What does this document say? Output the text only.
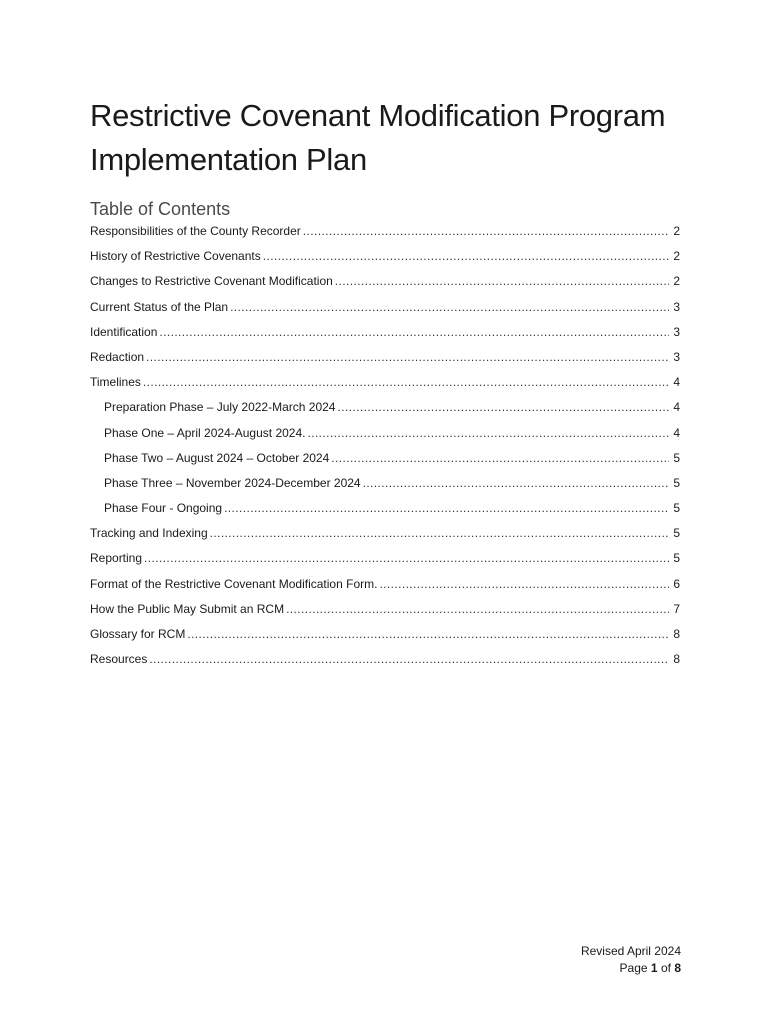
Restrictive Covenant Modification Program Implementation Plan
Table of Contents
Responsibilities of the County Recorder .....	2
History of Restrictive Covenants .....	2
Changes to Restrictive Covenant Modification .....	2
Current Status of the Plan .....	3
Identification .....	3
Redaction .....	3
Timelines .....	4
Preparation Phase – July 2022-March 2024 .....	4
Phase One – April 2024-August 2024. .....	4
Phase Two – August 2024 – October 2024 .....	5
Phase Three – November 2024-December 2024 .....	5
Phase Four - Ongoing .....	5
Tracking and Indexing .....	5
Reporting .....	5
Format of the Restrictive Covenant Modification Form. .....	6
How the Public May Submit an RCM .....	7
Glossary for RCM .....	8
Resources .....	8
Revised April 2024
Page 1 of 8
